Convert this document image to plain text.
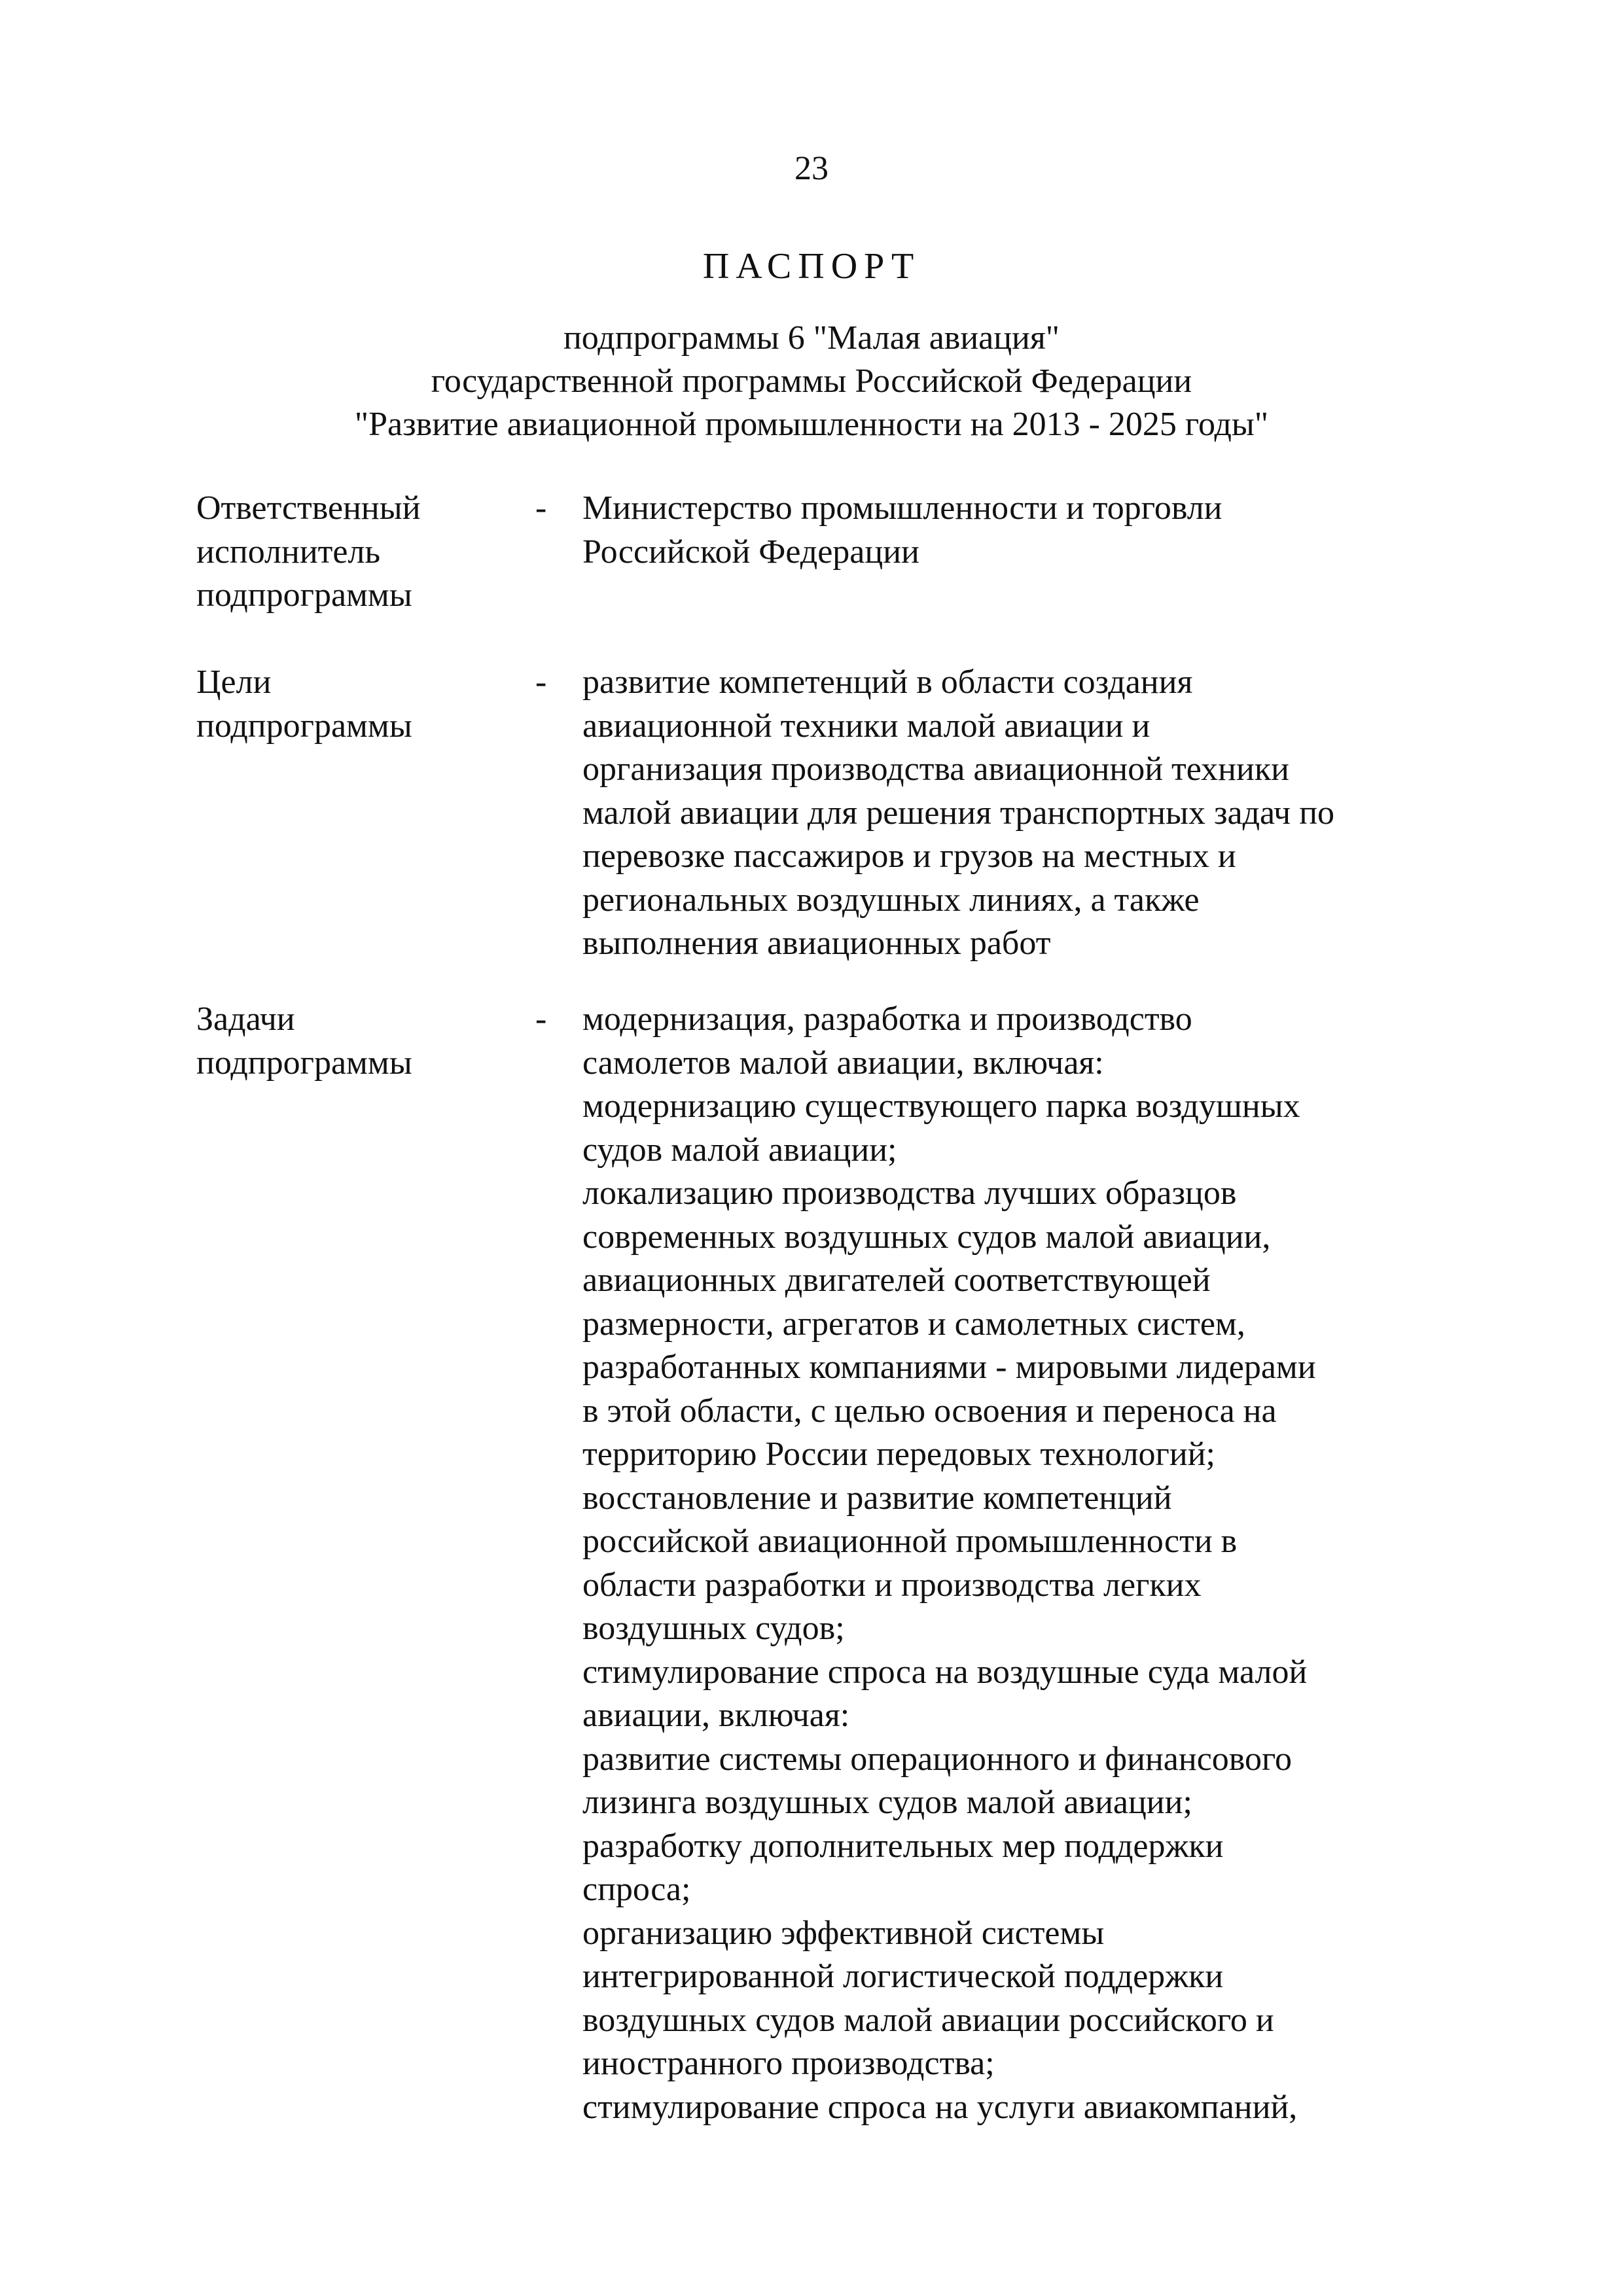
23
ПАСПОРТ
подпрограммы 6 "Малая авиация"
государственной программы Российской Федерации
"Развитие авиационной промышленности на 2013 - 2025 годы"
Ответственный
исполнитель
подпрограммы
- Министерство промышленности и торговли
Российской Федерации
Цели
подпрограммы
- развитие компетенций в области создания
авиационной техники малой авиации и
организация производства авиационной техники
малой авиации для решения транспортных задач по
перевозке пассажиров и грузов на местных и
региональных воздушных линиях, а также
выполнения авиационных работ
Задачи
подпрограммы
- модернизация, разработка и производство
самолетов малой авиации, включая:
модернизацию существующего парка воздушных
судов малой авиации;
локализацию производства лучших образцов
современных воздушных судов малой авиации,
авиационных двигателей соответствующей
размерности, агрегатов и самолетных систем,
разработанных компаниями - мировыми лидерами
в этой области, с целью освоения и переноса на
территорию России передовых технологий;
восстановление и развитие компетенций
российской авиационной промышленности в
области разработки и производства легких
воздушных судов;
стимулирование спроса на воздушные суда малой
авиации, включая:
развитие системы операционного и финансового
лизинга воздушных судов малой авиации;
разработку дополнительных мер поддержки
спроса;
организацию эффективной системы
интегрированной логистической поддержки
воздушных судов малой авиации российского и
иностранного производства;
стимулирование спроса на услуги авиакомпаний,
